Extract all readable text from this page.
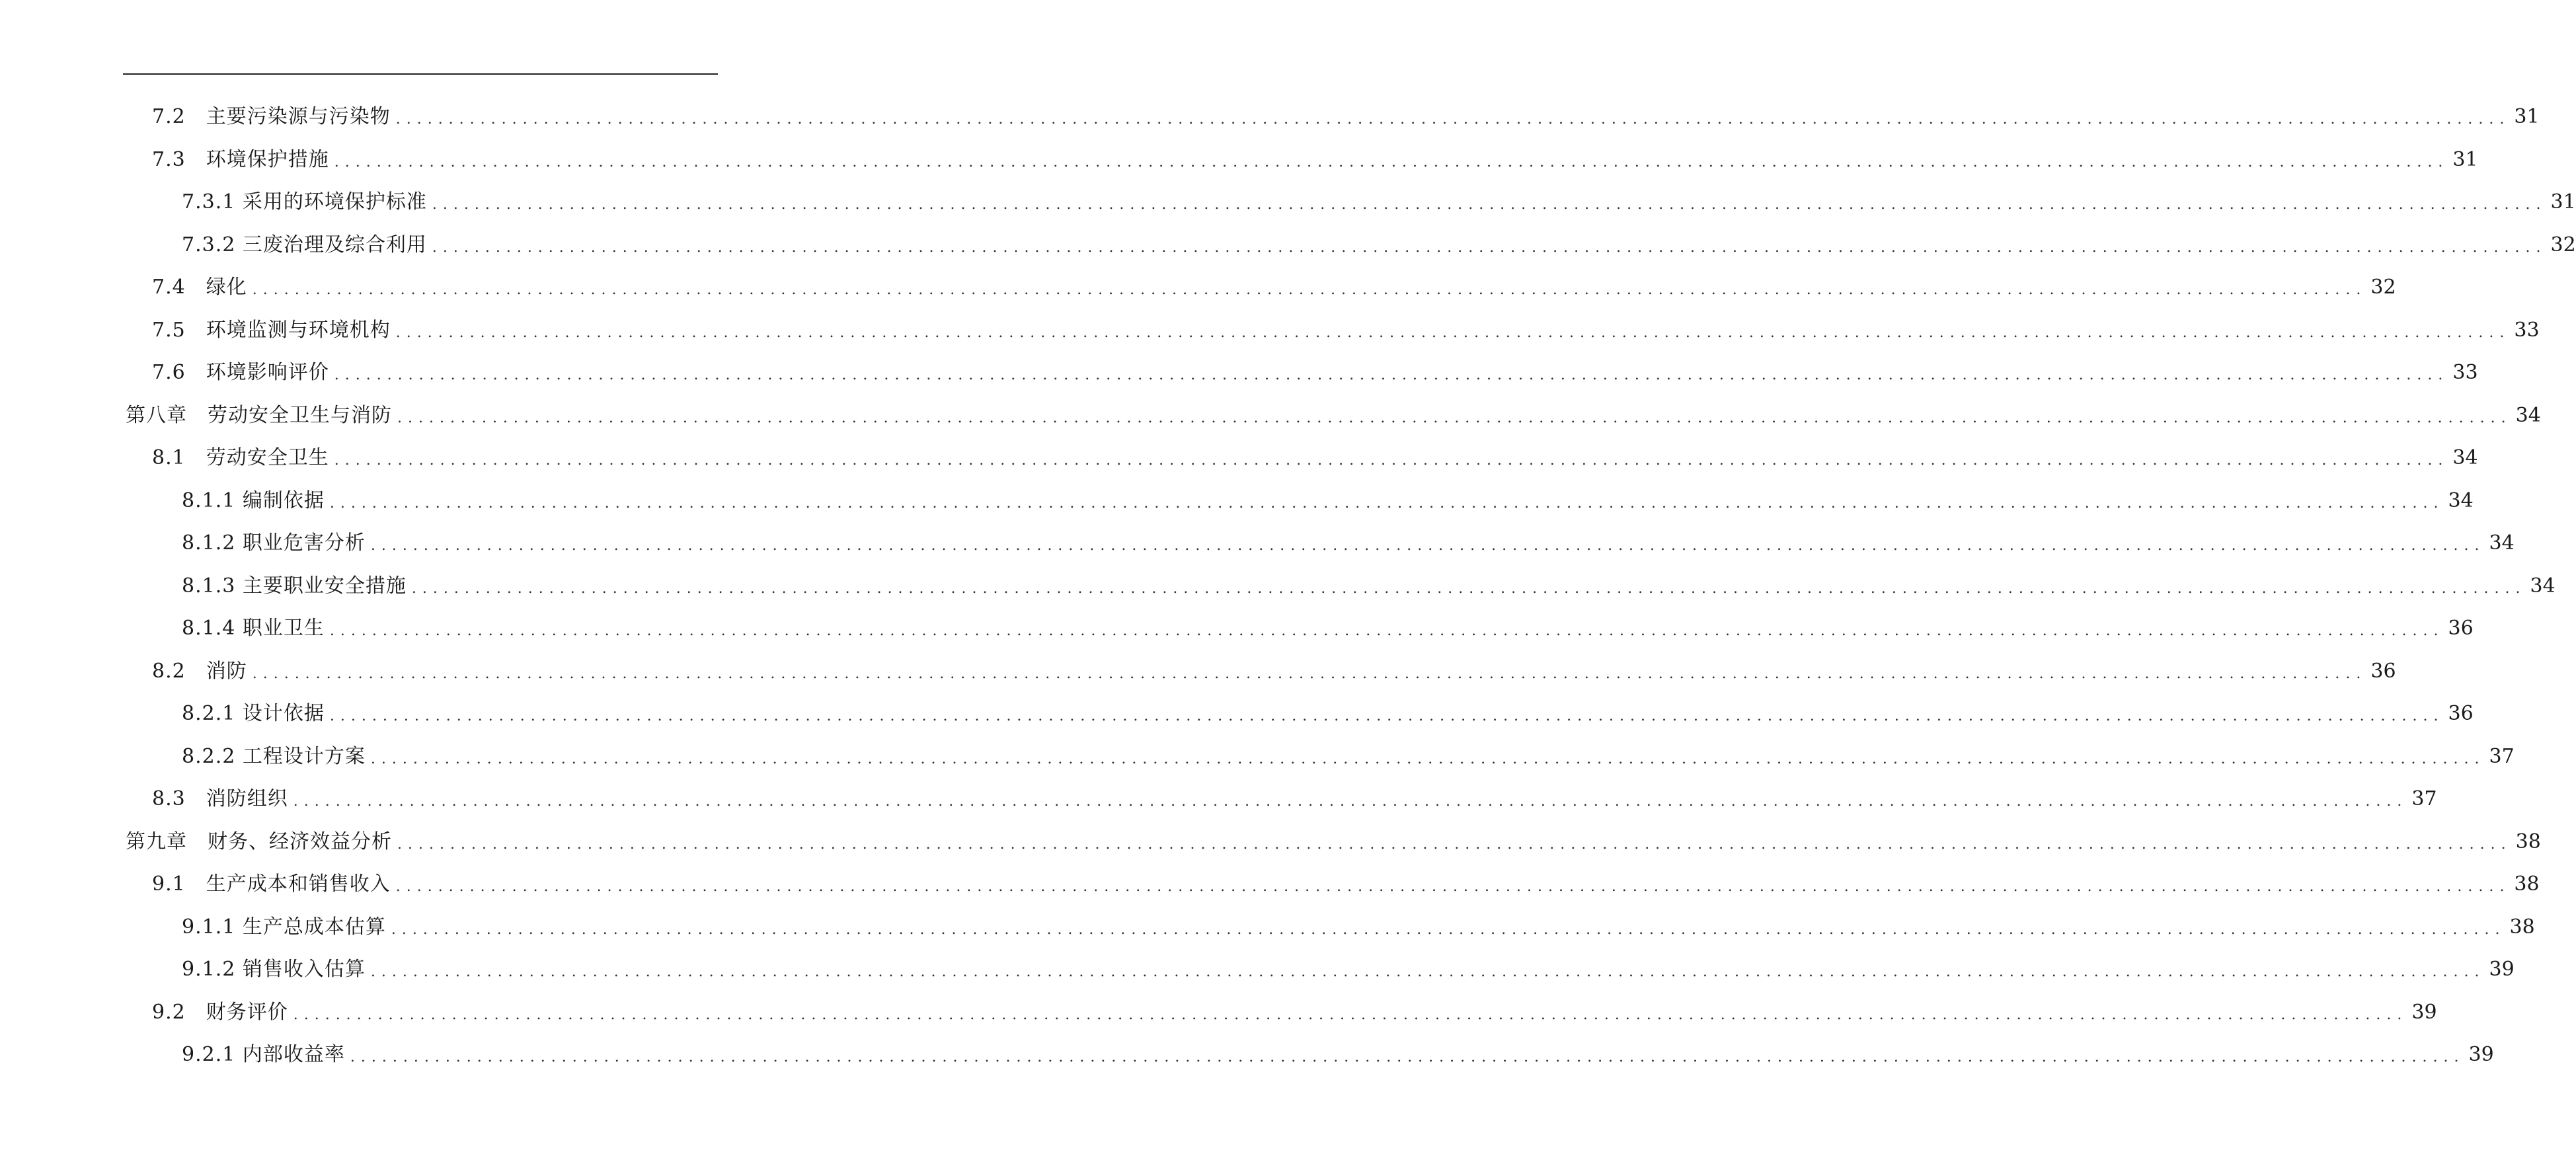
7.2　主要污染源与污染物 ........................................................................................................................................................................................................ 31
7.3　环境保护措施 ........................................................................................................................................................................................................ 31
7.3.1 采用的环境保护标准 ........................................................................................................................................................................................................ 31
7.3.2 三废治理及综合利用 ........................................................................................................................................................................................................ 32
7.4　绿化 ........................................................................................................................................................................................................ 32
7.5　环境监测与环境机构 ........................................................................................................................................................................................................ 33
7.6　环境影响评价 ........................................................................................................................................................................................................ 33
第八章　劳动安全卫生与消防 ........................................................................................................................................................................................................ 34
8.1　劳动安全卫生 ........................................................................................................................................................................................................ 34
8.1.1 编制依据 ........................................................................................................................................................................................................ 34
8.1.2 职业危害分析 ........................................................................................................................................................................................................ 34
8.1.3 主要职业安全措施 ........................................................................................................................................................................................................ 34
8.1.4 职业卫生 ........................................................................................................................................................................................................ 36
8.2　消防 ........................................................................................................................................................................................................ 36
8.2.1 设计依据 ........................................................................................................................................................................................................ 36
8.2.2 工程设计方案 ........................................................................................................................................................................................................ 37
8.3　消防组织 ........................................................................................................................................................................................................ 37
第九章　财务、经济效益分析 ........................................................................................................................................................................................................ 38
9.1　生产成本和销售收入 ........................................................................................................................................................................................................ 38
9.1.1 生产总成本估算 ........................................................................................................................................................................................................ 38
9.1.2 销售收入估算 ........................................................................................................................................................................................................ 39
9.2　财务评价 ........................................................................................................................................................................................................ 39
9.2.1 内部收益率 ........................................................................................................................................................................................................ 39
